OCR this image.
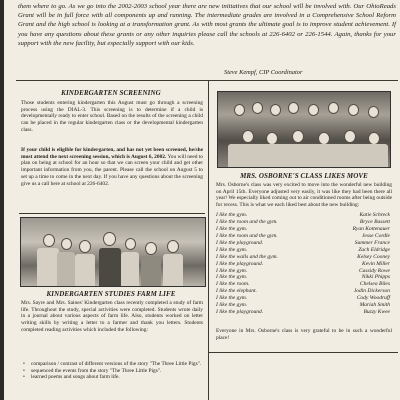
them where to go. As we go into the 2002-2003 school year there are new initiatives that our school will be involved with. Our OhioReads Grant will be in full force with all components up and running. The intermediate grades are involved in a Comprehensive School Reform Grant and the high school is looking at a transformation grant. As with most grants the ultimate goal is to improve student achievement. If you have any questions about these grants or any other inquiries please call the schools at 226-6402 or 226-1544. Again, thanks for your support with the new facility, but especially support with our kids.

Steve Kempf, CIP Coordinator
KINDERGARTEN SCREENING
Those students entering kindergarten this August must go through a screening process using the DIAL-3. This screening is to determine if a child is developmentally ready to enter school. Based on the results of the screening a child can be placed in the regular kindergarten class or the developmental kindergarten class.
If your child is eligible for kindergarten, and has not yet been screened, he/she must attend the next screening session, which is August 6, 2002. You will need to plan on being at school for an hour so that we can screen your child and get other important information from you, the parent. Please call the school on August 5 to set up a time to come in the next day. If you have any questions about the screening give us a call here at school at 226-6402.
KINDERGARTEN STUDIES FARM LIFE
Mrs. Sayre and Mrs. Saines' Kindergarten class recently completed a study of farm life. Throughout the study, special activities were completed. Students wrote daily in a journal about various aspects of farm life. Also, students worked on letter writing skills by writing a letter to a farmer and thank you letters. Students completed reading activities which included the following:
• comparison / contrast of different versions of the story "The Three Little Pigs".
• sequenced the events from the story "The Three Little Pigs".
• learned poems and songs about farm life.
MRS. OSBORNE'S CLASS LIKES MOVE
Mrs. Osborne's class was very excited to move into the wonderful new building on April 15th. Everyone adjusted very easily, it was like they had been there all year! We especially liked coming out to air conditioned rooms after being outside for recess. This is what we each liked best about the new building:
I like the gym.	Katie Schreck
I like the room and the gym.	Bryce Bassett
I like the gym.	Ryan Kottenauer
I like the room and the gym.	Jesse Cordle
I like the playground.	Summer France
I like the gym.	Zach Eldridge
I like the walls and the gym.	Kelsey Cooney
I like the playground.	Kevin Miller
I like the gym.	Cassidy Rowe
I like the gym.	Nikki Phipps
I like the room.	Chelsea Biles
I like the elephant.	Jodin Dickerson
I like the gym.	Cody Woodruff
I like the gym.	Mariah Smith
I like the playground.	Buzzy Kwee
Everyone in Mrs. Osborne's class is very grateful to be in such a wonderful place!
